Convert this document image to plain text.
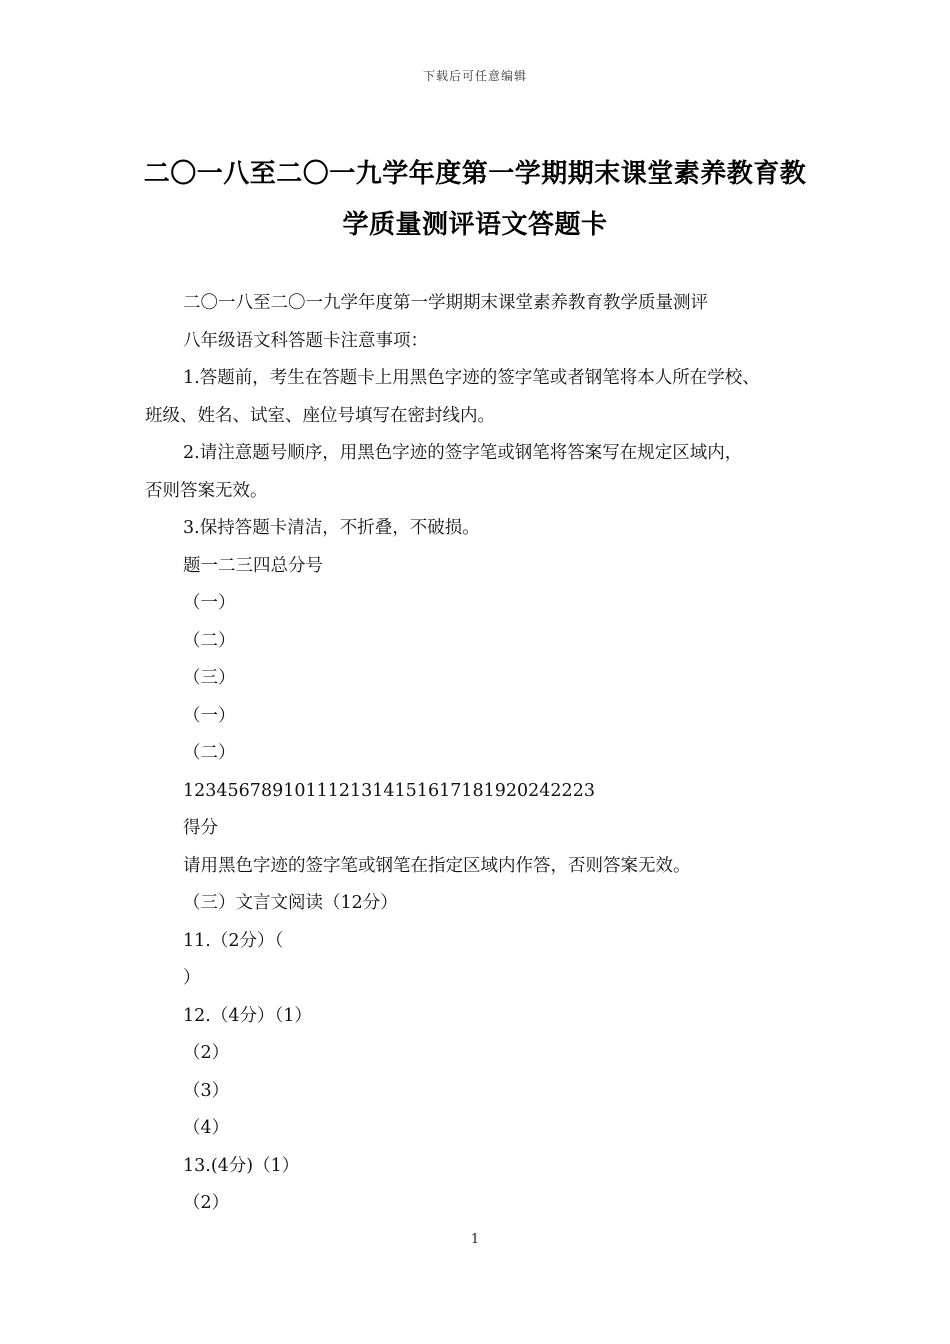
下载后可任意编辑
二〇一八至二〇一九学年度第一学期期末课堂素养教育教
学质量测评语文答题卡

二〇一八至二〇一九学年度第一学期期末课堂素养教育教学质量测评

八年级语文科答题卡注意事项：

1.答题前，考生在答题卡上用黑色字迹的签字笔或者钢笔将本人所在学校、

班级、姓名、试室、座位号填写在密封线内。

2.请注意题号顺序，用黑色字迹的签字笔或钢笔将答案写在规定区域内，

否则答案无效。

3.保持答题卡清洁，不折叠，不破损。

题一二三四总分号

（一）

（二）

（三）

（一）

（二）

1234567891011121314151617181920242223

得分

请用黑色字迹的签字笔或钢笔在指定区域内作答，否则答案无效。

（三）文言文阅读（12分）

11.（2分）（

）

12.（4分）（1）

（2）

（3）

（4）

13.(4分)（1）

（2）

1
